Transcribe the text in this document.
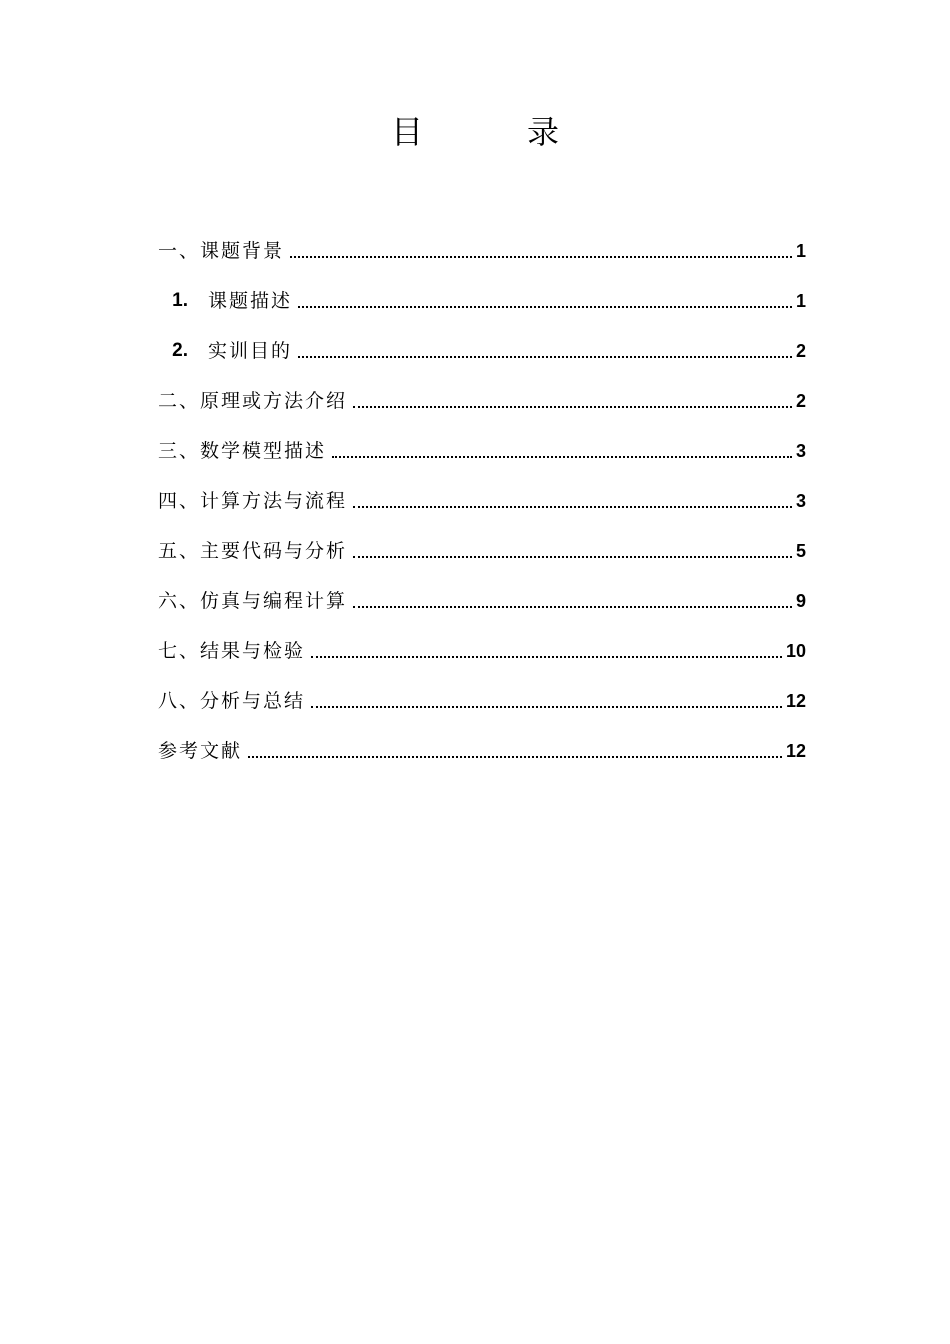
目　录
一、课题背景	1
1. 课题描述	1
2. 实训目的	2
二、原理或方法介绍	2
三、数学模型描述	3
四、计算方法与流程	3
五、主要代码与分析	5
六、仿真与编程计算	9
七、结果与检验	10
八、分析与总结	12
参考文献	12
